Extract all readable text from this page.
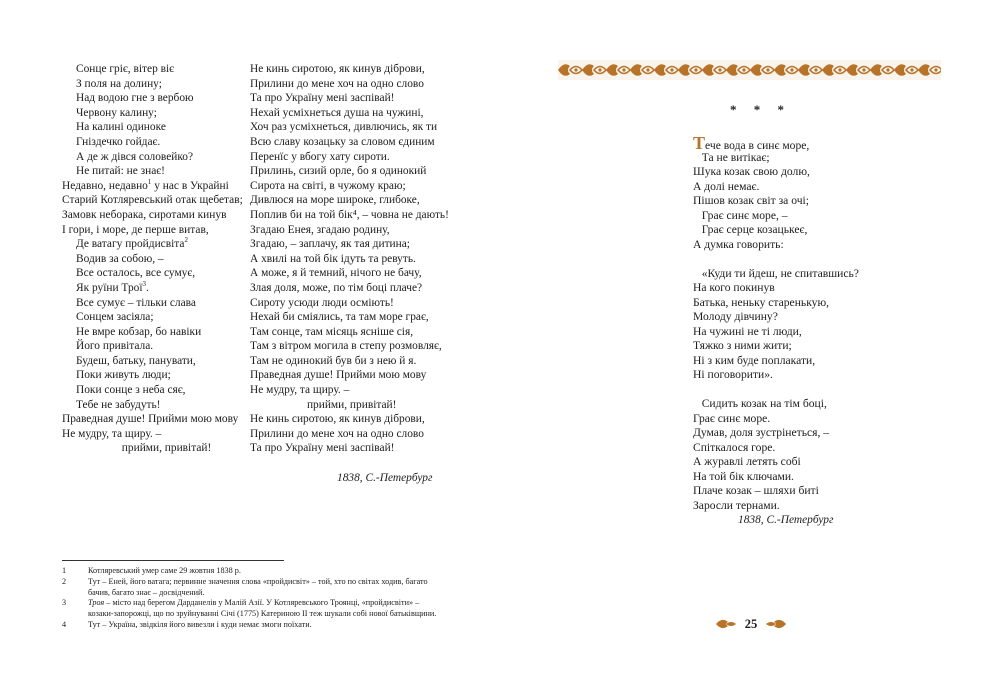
Сонце гріє, вітер віє
З поля на долину;
Над водою гне з вербою
Червону калину;
На калині одиноке
Гніздечко гойдає.
А де ж дівся соловейко?
Не питай: не знає!
Недавно, недавно$^1$ у нас в Украйні
Старий Котляревський отак щебетав;
Замовк неборака, сиротами кинув
І гори, і море, де перше витав,
Де ватагу пройдисвіта$^2$
Водив за собою, –
Все осталось, все сумує,
Як руїни Трої$^3$.
Все сумує – тільки слава
Сонцем засіяла;
Не вмре кобзар, бо навіки
Його привітала.
Будеш, батьку, панувати,
Поки живуть люди;
Поки сонце з неба сяє,
Тебе не забудуть!
Праведная душе! Прийми мою мову
Не мудру, та щиру. –
прийми, привітай!
Не кинь сиротою, як кинув діброви,
Прилини до мене хоч на одно слово
Та про Україну мені заспівай!
Нехай усміхнеться душа на чужині,
Хоч раз усміхнеться, дивлючись, як ти
Всю славу козацьку за словом єдиним
Перенїс у вбогу хату сироти.
Прилинь, сизий орле, бо я одинокий
Сирота на світі, в чужому краю;
Дивлюся на море широке, глибоке,
Поплив би на той бік⁴, – човна не дають!
Згадаю Енея, згадаю родину,
Згадаю, – заплачу, як тая дитина;
А хвилі на той бік ідуть та ревуть.
А може, я й темний, нічого не бачу,
Злая доля, може, по тім боці плаче?
Сироту усюди люди осміють!
Нехай би сміялись, та там море грає,
Там сонце, там місяць ясніше сія,
Там з вітром могила в степу розмовляє,
Там не одинокий був би з нею й я.
Праведная душе! Прийми мою мову
Не мудру, та щиру. –
прийми, привітай!
Не кинь сиротою, як кинув діброви,
Прилини до мене хоч на одно слово
Та про Україну мені заспівай!
1838, С.-Петербург
1	Котляревський умер саме 29 жовтня 1838 р.
2	Тут – Еней, його ватага; первинне значення слова «пройдисвіт» – той, хто по світах ходив, багато бачив, багато знає – досвідчений.
3	Троя – місто над берегом Дарданелів у Малій Азії. У Котляревського Троянці, «пройдисвіти» – козаки-запорожці, що по зруйнуванні Січі (1775) Катериною II теж шукали собі нової батьківщини.
4	Тут – Україна, звідкіля його вивезли і куди немає змоги поїхати.
* * *
Тече вода в синє море,
Та не витікає;
Шука козак свою долю,
А долі немає.
Пішов козак світ за очі;
Грає синє море, –
Грає серце козацькеє,
А думка говорить:
«Куди ти йдеш, не спитавшись?
На кого покинув
Батька, неньку старенькую,
Молоду дівчину?
На чужині не ті люди,
Тяжко з ними жити;
Ні з ким буде поплакати,
Ні поговорити».
Сидить козак на тім боці,
Грає синє море.
Думав, доля зустрінеться, –
Спіткалося горе.
А журавлі летять собі
На той бік ключами.
Плаче козак – шляхи биті
Заросли тернами.
1838, С.-Петербург
25
